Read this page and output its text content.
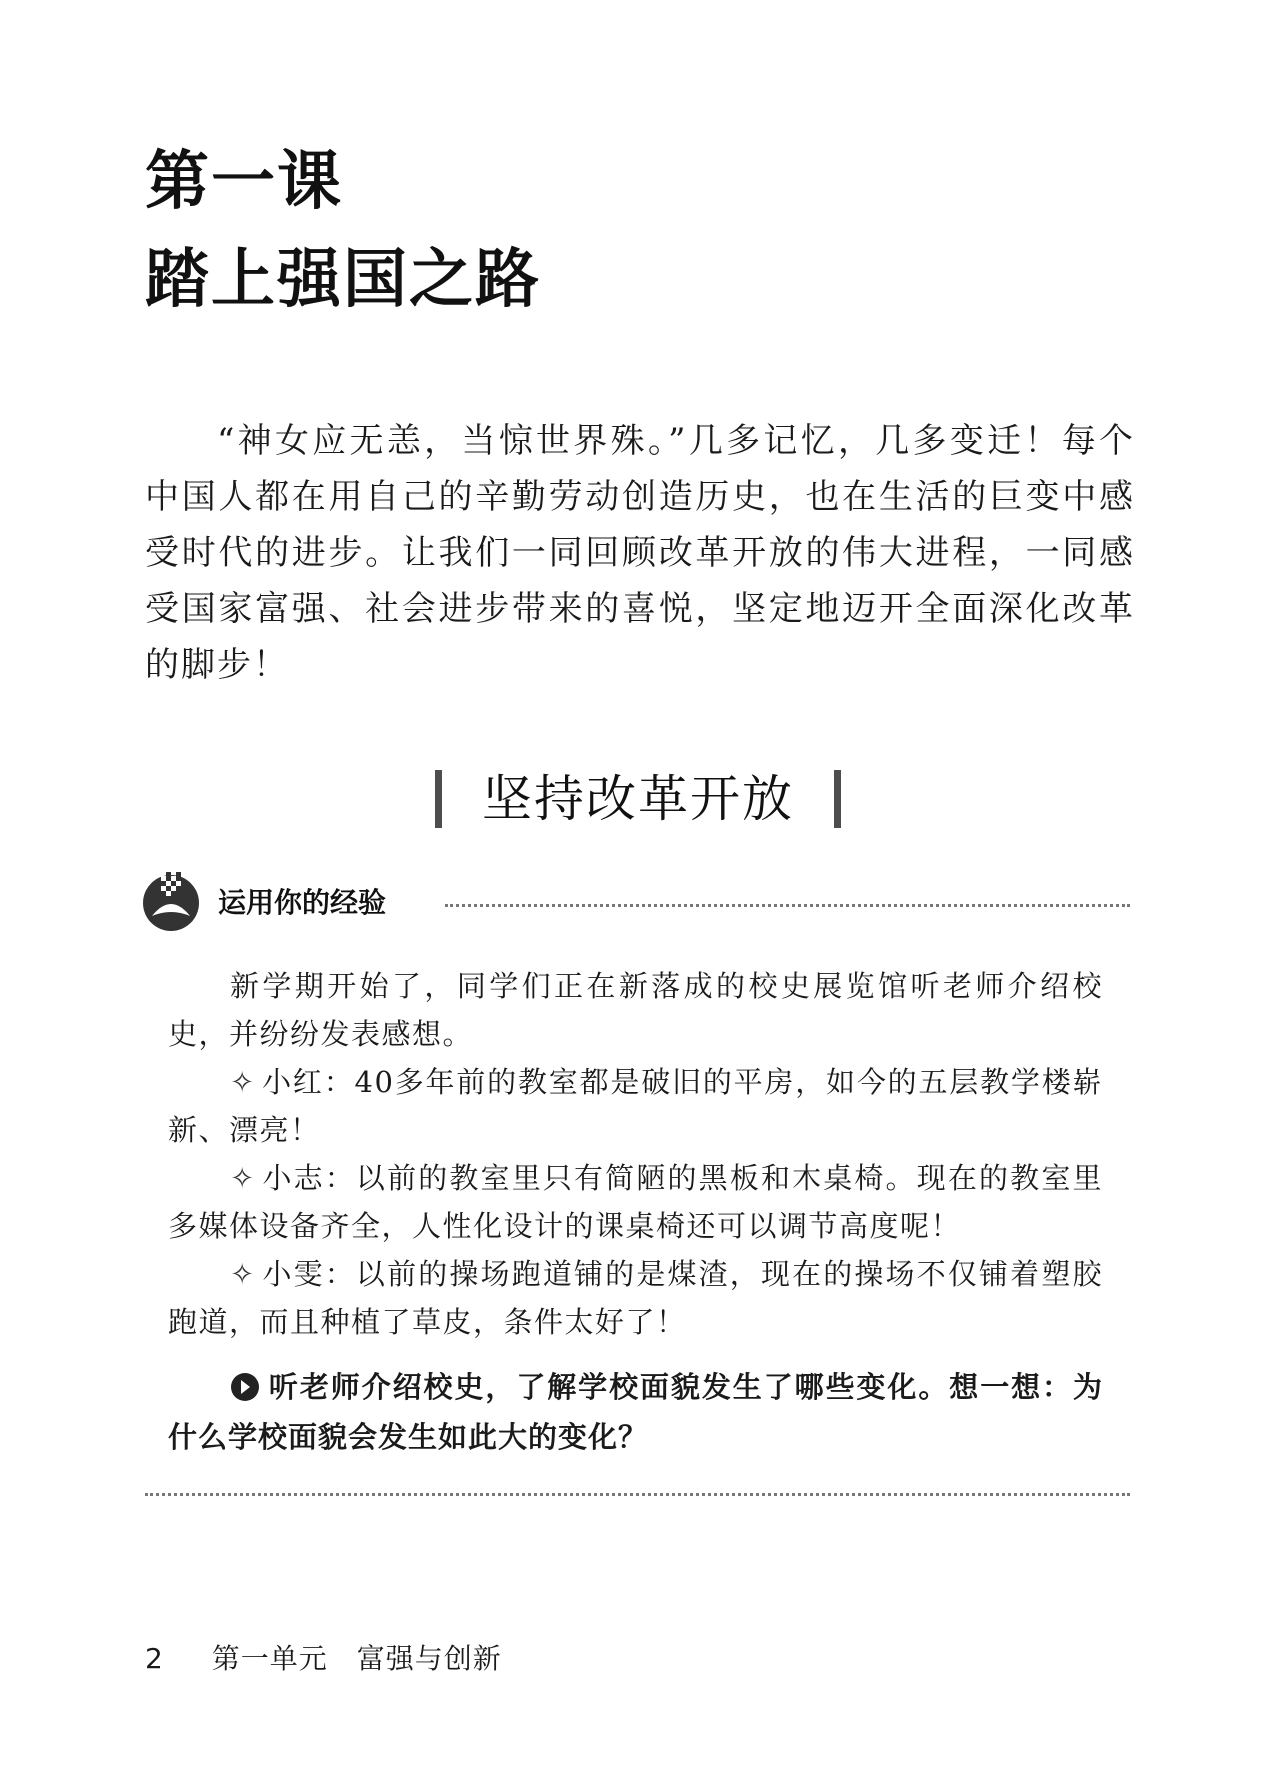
第一课
踏上强国之路

“神女应无恙，当惊世界殊。”几多记忆，几多变迁！每个中国人都在用自己的辛勤劳动创造历史，也在生活的巨变中感受时代的进步。让我们一同回顾改革开放的伟大进程，一同感受国家富强、社会进步带来的喜悦，坚定地迈开全面深化改革的脚步！

坚持改革开放
运用你的经验

新学期开始了，同学们正在新落成的校史展览馆听老师介绍校史，并纷纷发表感想。

✧ 小红：40多年前的教室都是破旧的平房，如今的五层教学楼崭新、漂亮！

✧ 小志：以前的教室里只有简陋的黑板和木桌椅。现在的教室里多媒体设备齐全，人性化设计的课桌椅还可以调节高度呢！

✧ 小雯：以前的操场跑道铺的是煤渣，现在的操场不仅铺着塑胶跑道，而且种植了草皮，条件太好了！

听老师介绍校史，了解学校面貌发生了哪些变化。想一想：为什么学校面貌会发生如此大的变化？

2 第一单元　富强与创新
